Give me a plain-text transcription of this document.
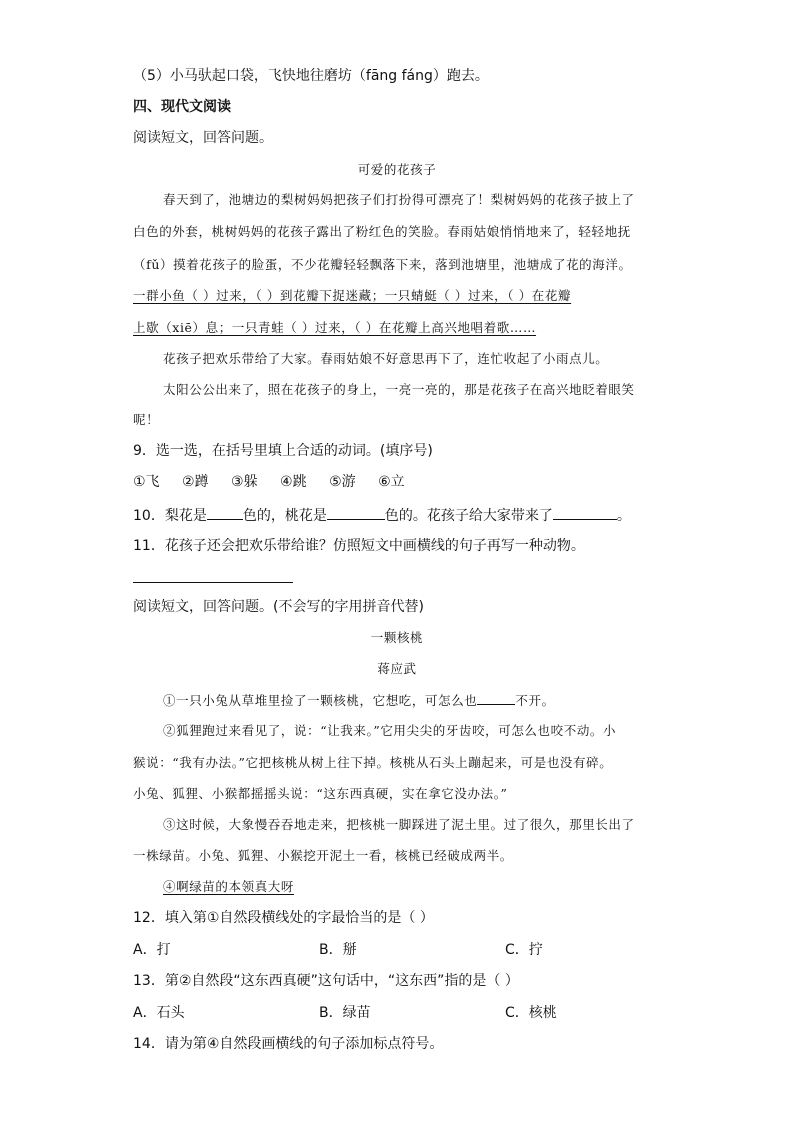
（5）小马驮起口袋，飞快地往磨坊（fāng fáng）跑去。
四、现代文阅读
阅读短文，回答问题。
可爱的花孩子
春天到了，池塘边的梨树妈妈把孩子们打扮得可漂亮了！梨树妈妈的花孩子披上了
白色的外套，桃树妈妈的花孩子露出了粉红色的笑脸。春雨姑娘悄悄地来了，轻轻地抚
（fǔ）摸着花孩子的脸蛋，不少花瓣轻轻飘落下来，落到池塘里，池塘成了花的海洋。
一群小鱼（ ）过来，（ ）到花瓣下捉迷藏；一只蜻蜓（ ）过来，（ ）在花瓣
上歇（xiē）息；一只青蛙（ ）过来，（ ）在花瓣上高兴地唱着歌……
花孩子把欢乐带给了大家。春雨姑娘不好意思再下了，连忙收起了小雨点儿。
太阳公公出来了，照在花孩子的身上，一亮一亮的，那是花孩子在高兴地眨着眼笑
呢！
9．选一选，在括号里填上合适的动词。(填序号)
①飞 ②蹲 ③躲 ④跳 ⑤游 ⑥立
10．梨花是	色的，桃花是	色的。花孩子给大家带来了	。
11．花孩子还会把欢乐带给谁？仿照短文中画横线的句子再写一种动物。
阅读短文，回答问题。(不会写的字用拼音代替)
一颗核桃
蒋应武
①一只小兔从草堆里捡了一颗核桃，它想吃，可怎么也	不开。
②狐狸跑过来看见了，说：“让我来。”它用尖尖的牙齿咬，可怎么也咬不动。小
猴说：“我有办法。”它把核桃从树上往下掉。核桃从石头上蹦起来，可是也没有碎。
小兔、狐狸、小猴都摇摇头说：“这东西真硬，实在拿它没办法。”
③这时候，大象慢吞吞地走来，把核桃一脚踩进了泥土里。过了很久，那里长出了
一株绿苗。小兔、狐狸、小猴挖开泥土一看，核桃已经破成两半。
④啊绿苗的本领真大呀
12．填入第①自然段横线处的字最恰当的是（ ）
A．打	B．掰	C．拧
13．第②自然段“这东西真硬”这句话中，“这东西”指的是（ ）
A．石头	B．绿苗	C．核桃
14．请为第④自然段画横线的句子添加标点符号。
